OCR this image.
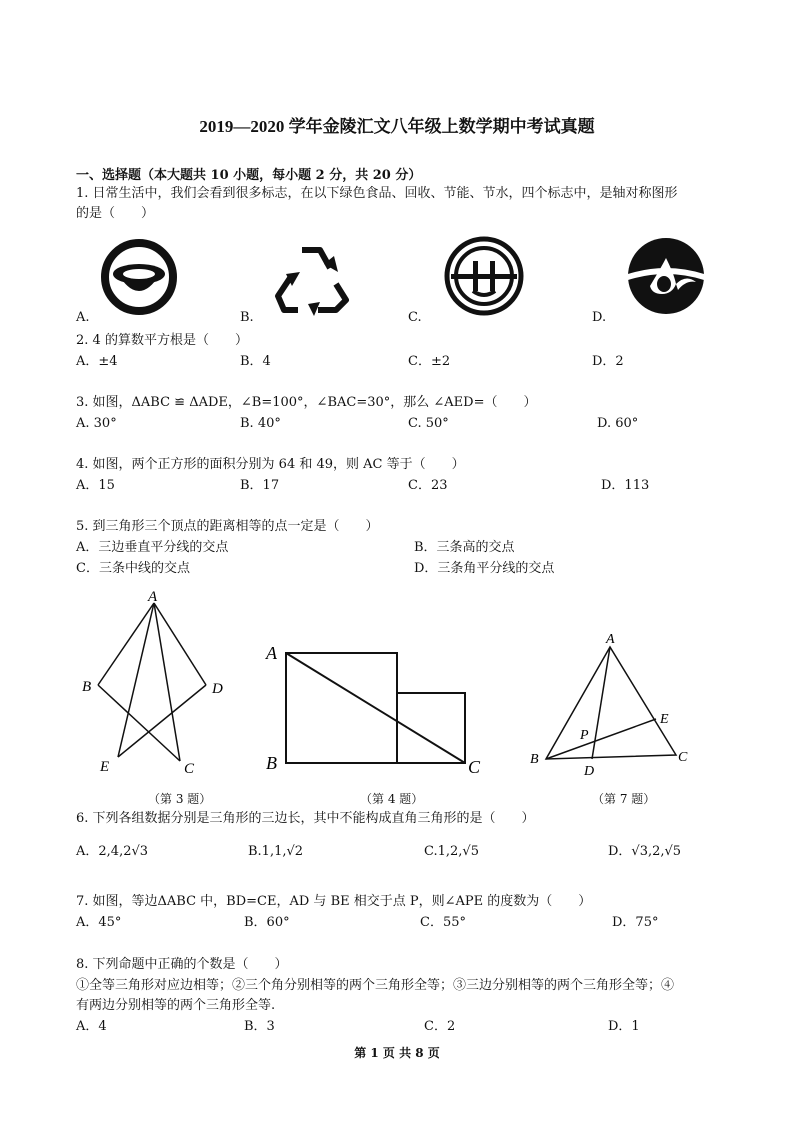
2019—2020 学年金陵汇文八年级上数学期中考试真题
一、选择题（本大题共 10 小题，每小题 2 分，共 20 分）
1. 日常生活中，我们会看到很多标志，在以下绿色食品、回收、节能、节水，四个标志中，是轴对称图形
的是（　　）
A.	B.	C.	D.
2. 4 的算数平方根是（　　）
A．±4	B．4	C．±2	D．2
3. 如图，ΔABC ≌ ΔADE，∠B=100°，∠BAC=30°，那么 ∠AED=（　　）
A. 30°	B. 40°	C. 50°	D. 60°
4. 如图，两个正方形的面积分别为 64 和 49，则 AC 等于（　　）
A．15	B．17	C．23	D．113
5. 到三角形三个顶点的距离相等的点一定是（　　）
A．三边垂直平分线的交点	B．三条高的交点
C．三条中线的交点	D．三条角平分线的交点
A
B	D
E	C
（第 3 题）
A
B	C
（第 4 题）
A
E
P
B
D
C
（第 7 题）
6. 下列各组数据分别是三角形的三边长，其中不能构成直角三角形的是（　　）
A．2,4,2√3	B.1,1,√2	C.1,2,√5	D．√3,2,√5
7. 如图，等边ΔABC 中，BD=CE，AD 与 BE 相交于点 P，则∠APE 的度数为（　　）
A．45°	B．60°	C．55°	D．75°
8. 下列命题中正确的个数是（　　）
①全等三角形对应边相等；②三个角分别相等的两个三角形全等；③三边分别相等的两个三角形全等；④
有两边分别相等的两个三角形全等.
A．4	B．3	C．2	D．1
第 1 页 共 8 页
